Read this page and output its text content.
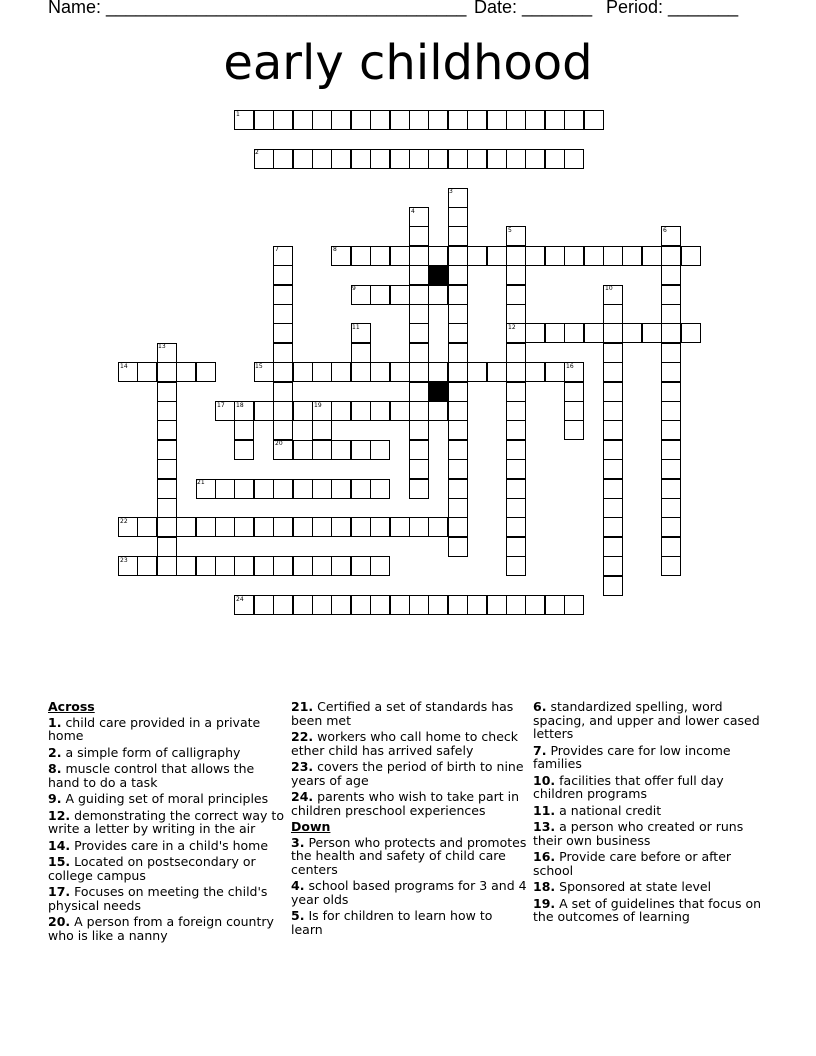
Name: ____________________________________ Date: _______ Period: _______
early childhood
1
2
3
4
5	6
7	8
9	10
11	12
13
14	15	16
17 18	19
20
21
22
23
24
Across
1. child care provided in a private home
2. a simple form of calligraphy
8. muscle control that allows the hand to do a task
9. A guiding set of moral principles
12. demonstrating the correct way to write a letter by writing in the air
14. Provides care in a child's home
15. Located on postsecondary or college campus
17. Focuses on meeting the child's physical needs
20. A person from a foreign country who is like a nanny
21. Certified a set of standards has been met
22. workers who call home to check ether child has arrived safely
23. covers the period of birth to nine years of age
24. parents who wish to take part in children preschool experiences
Down
3. Person who protects and promotes the health and safety of child care centers
4. school based programs for 3 and 4 year olds
5. Is for children to learn how to learn
6. standardized spelling, word spacing, and upper and lower cased letters
7. Provides care for low income families
10. facilities that offer full day children programs
11. a national credit
13. a person who created or runs their own business
16. Provide care before or after school
18. Sponsored at state level
19. A set of guidelines that focus on the outcomes of learning
